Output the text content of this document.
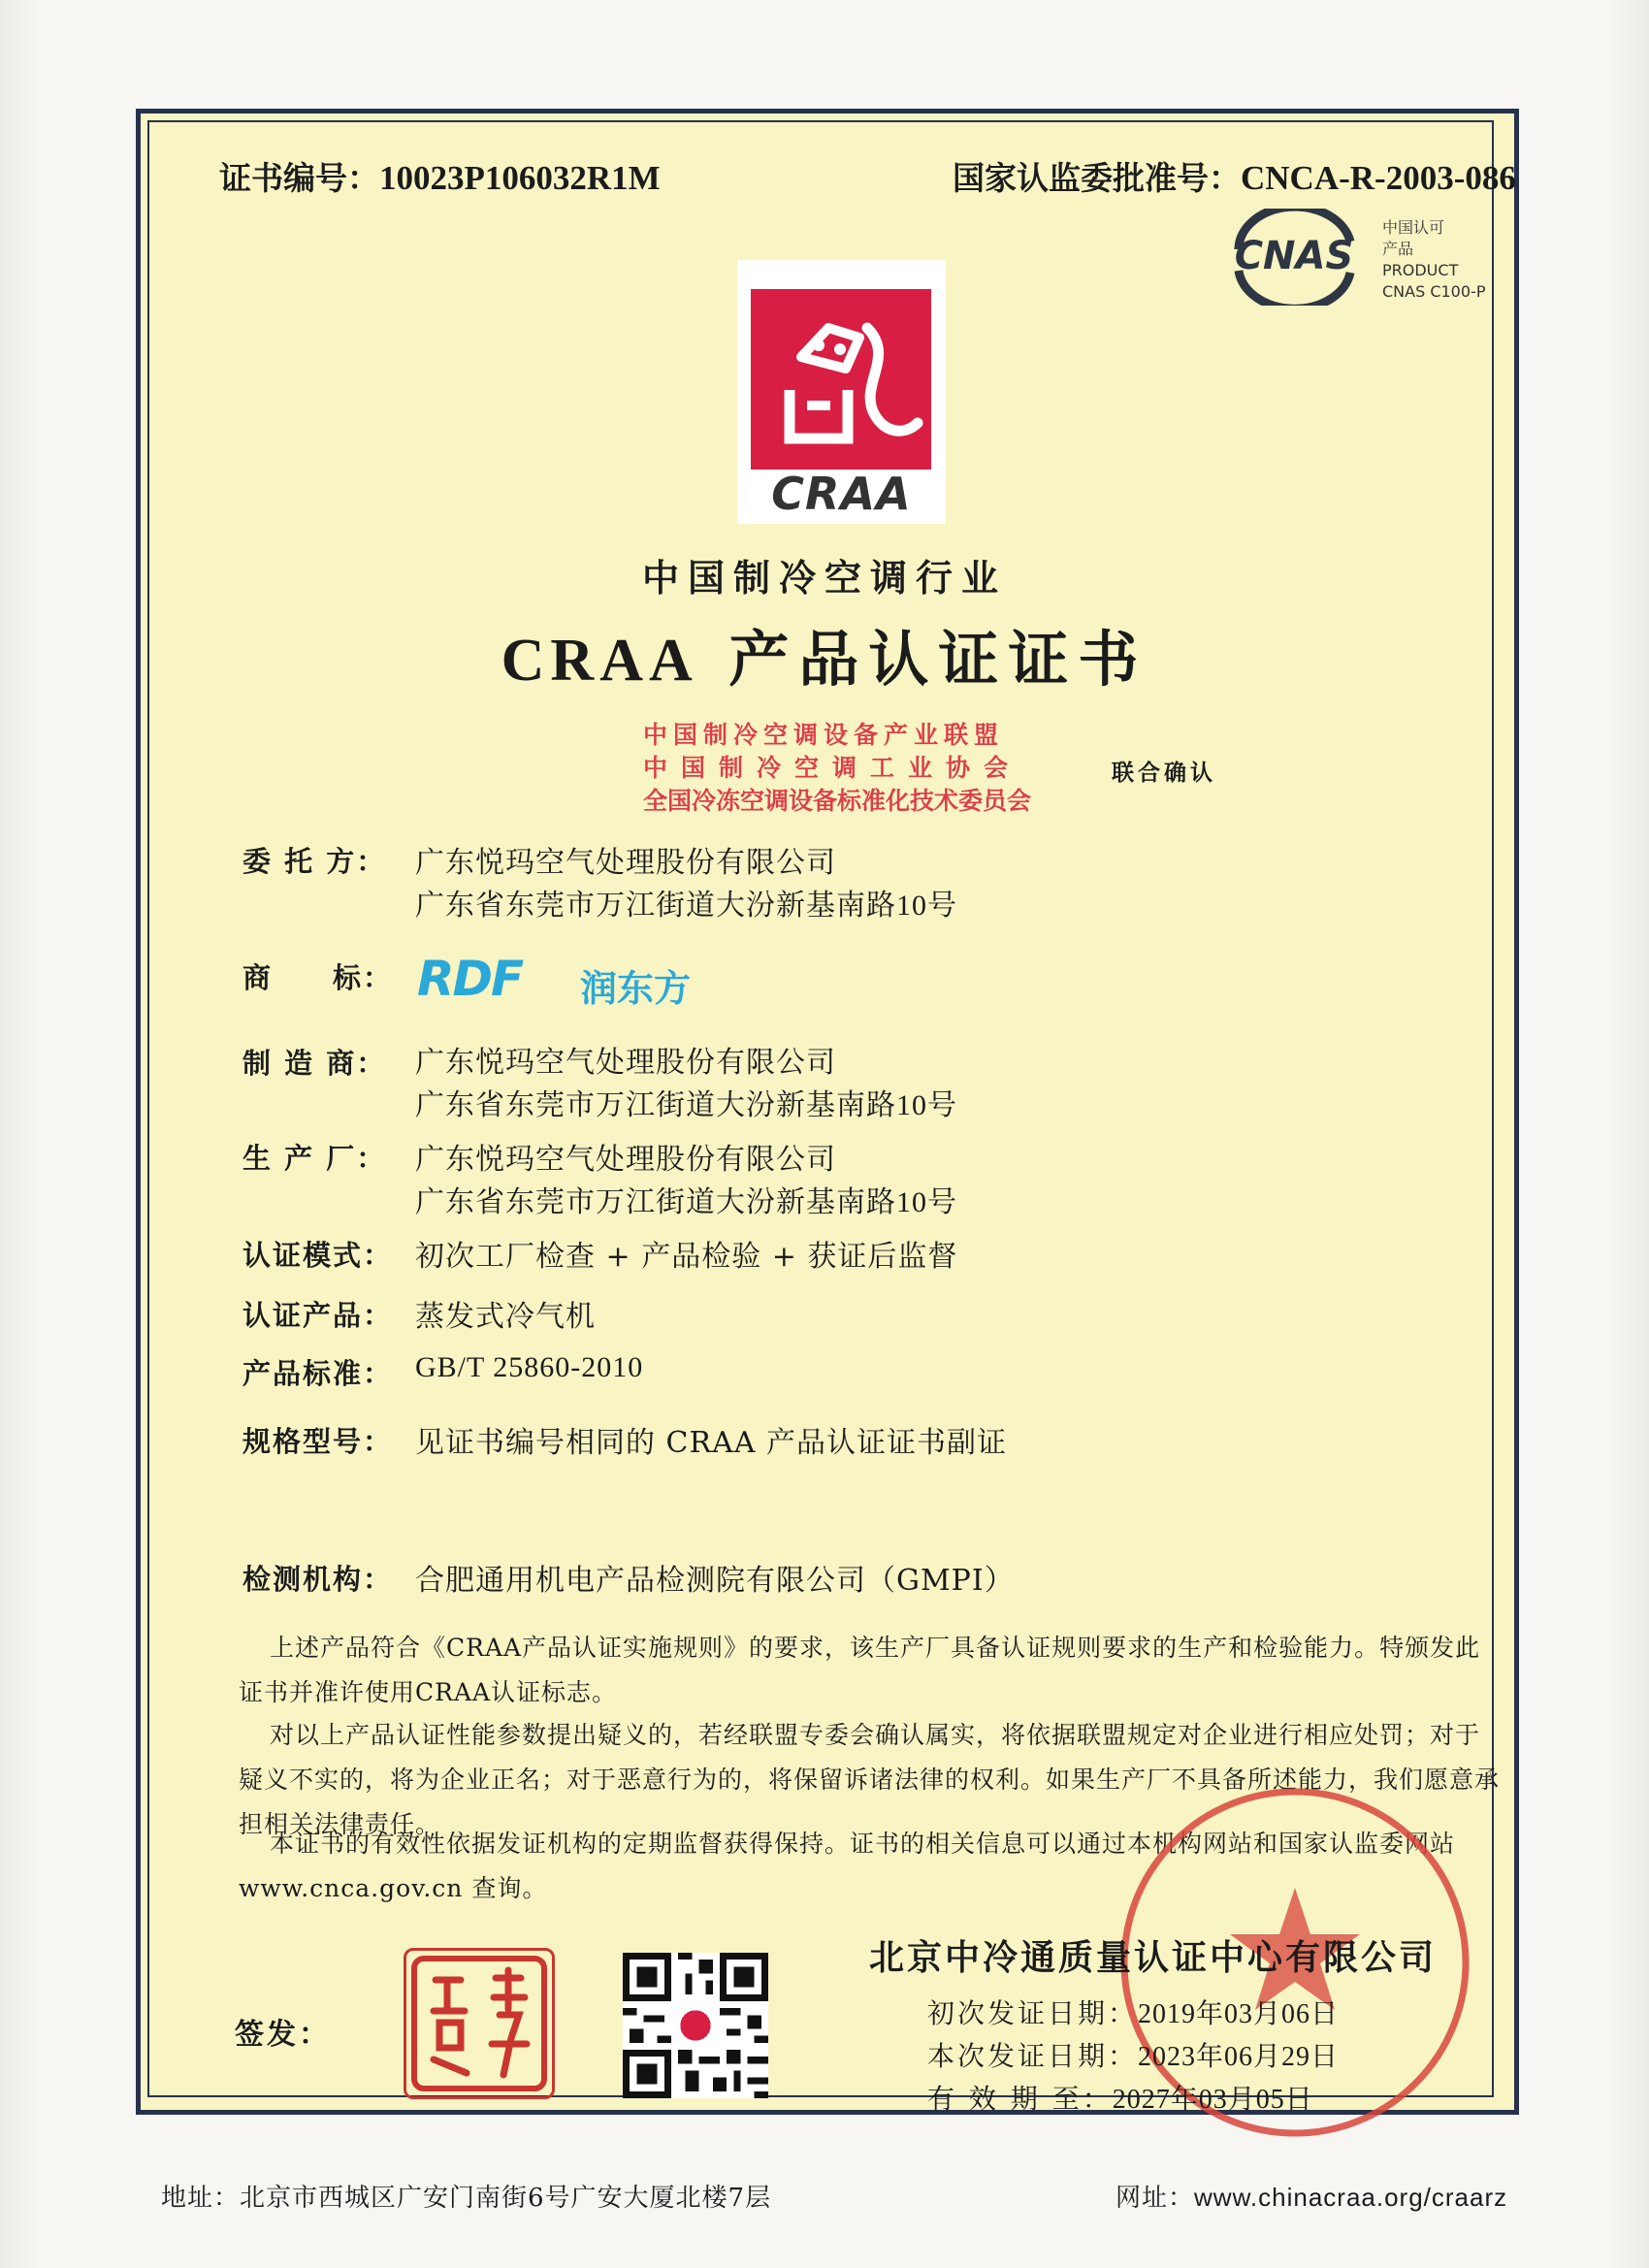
证书编号：10023P106032R1M	国家认监委批准号：CNCA-R-2003-086
CNAS
中国认可
产品
PRODUCT
CNAS C100-P
CRAA
中国制冷空调行业
CRAA 产品认证证书
中国制冷空调设备产业联盟
中国制冷空调工业协会
全国冷冻空调设备标准化技术委员会
联合确认
委 托 方： 广东悦玛空气处理股份有限公司
广东省东莞市万江街道大汾新基南路10号
商　　标： RDF 润东方
制 造 商： 广东悦玛空气处理股份有限公司
广东省东莞市万江街道大汾新基南路10号
生 产 厂： 广东悦玛空气处理股份有限公司
广东省东莞市万江街道大汾新基南路10号
认证模式： 初次工厂检查 + 产品检验 + 获证后监督
认证产品： 蒸发式冷气机
产品标准： GB/T 25860-2010
规格型号： 见证书编号相同的 CRAA 产品认证证书副证
检测机构： 合肥通用机电产品检测院有限公司（GMPI）
上述产品符合《CRAA产品认证实施规则》的要求，该生产厂具备认证规则要求的生产和检验能力。特颁发此证书并准许使用CRAA认证标志。
对以上产品认证性能参数提出疑义的，若经联盟专委会确认属实，将依据联盟规定对企业进行相应处罚；对于疑义不实的，将为企业正名；对于恶意行为的，将保留诉诸法律的权利。如果生产厂不具备所述能力，我们愿意承担相关法律责任。
本证书的有效性依据发证机构的定期监督获得保持。证书的相关信息可以通过本机构网站和国家认监委网站 www.cnca.gov.cn 查询。
北京中冷通质量认证中心有限公司
初次发证日期：2019年03月06日
本次发证日期：2023年06月29日
有 效 期 至：2027年03月05日
签发：
地址：北京市西城区广安门南街6号广安大厦北楼7层	网址：www.chinacraa.org/craarz
